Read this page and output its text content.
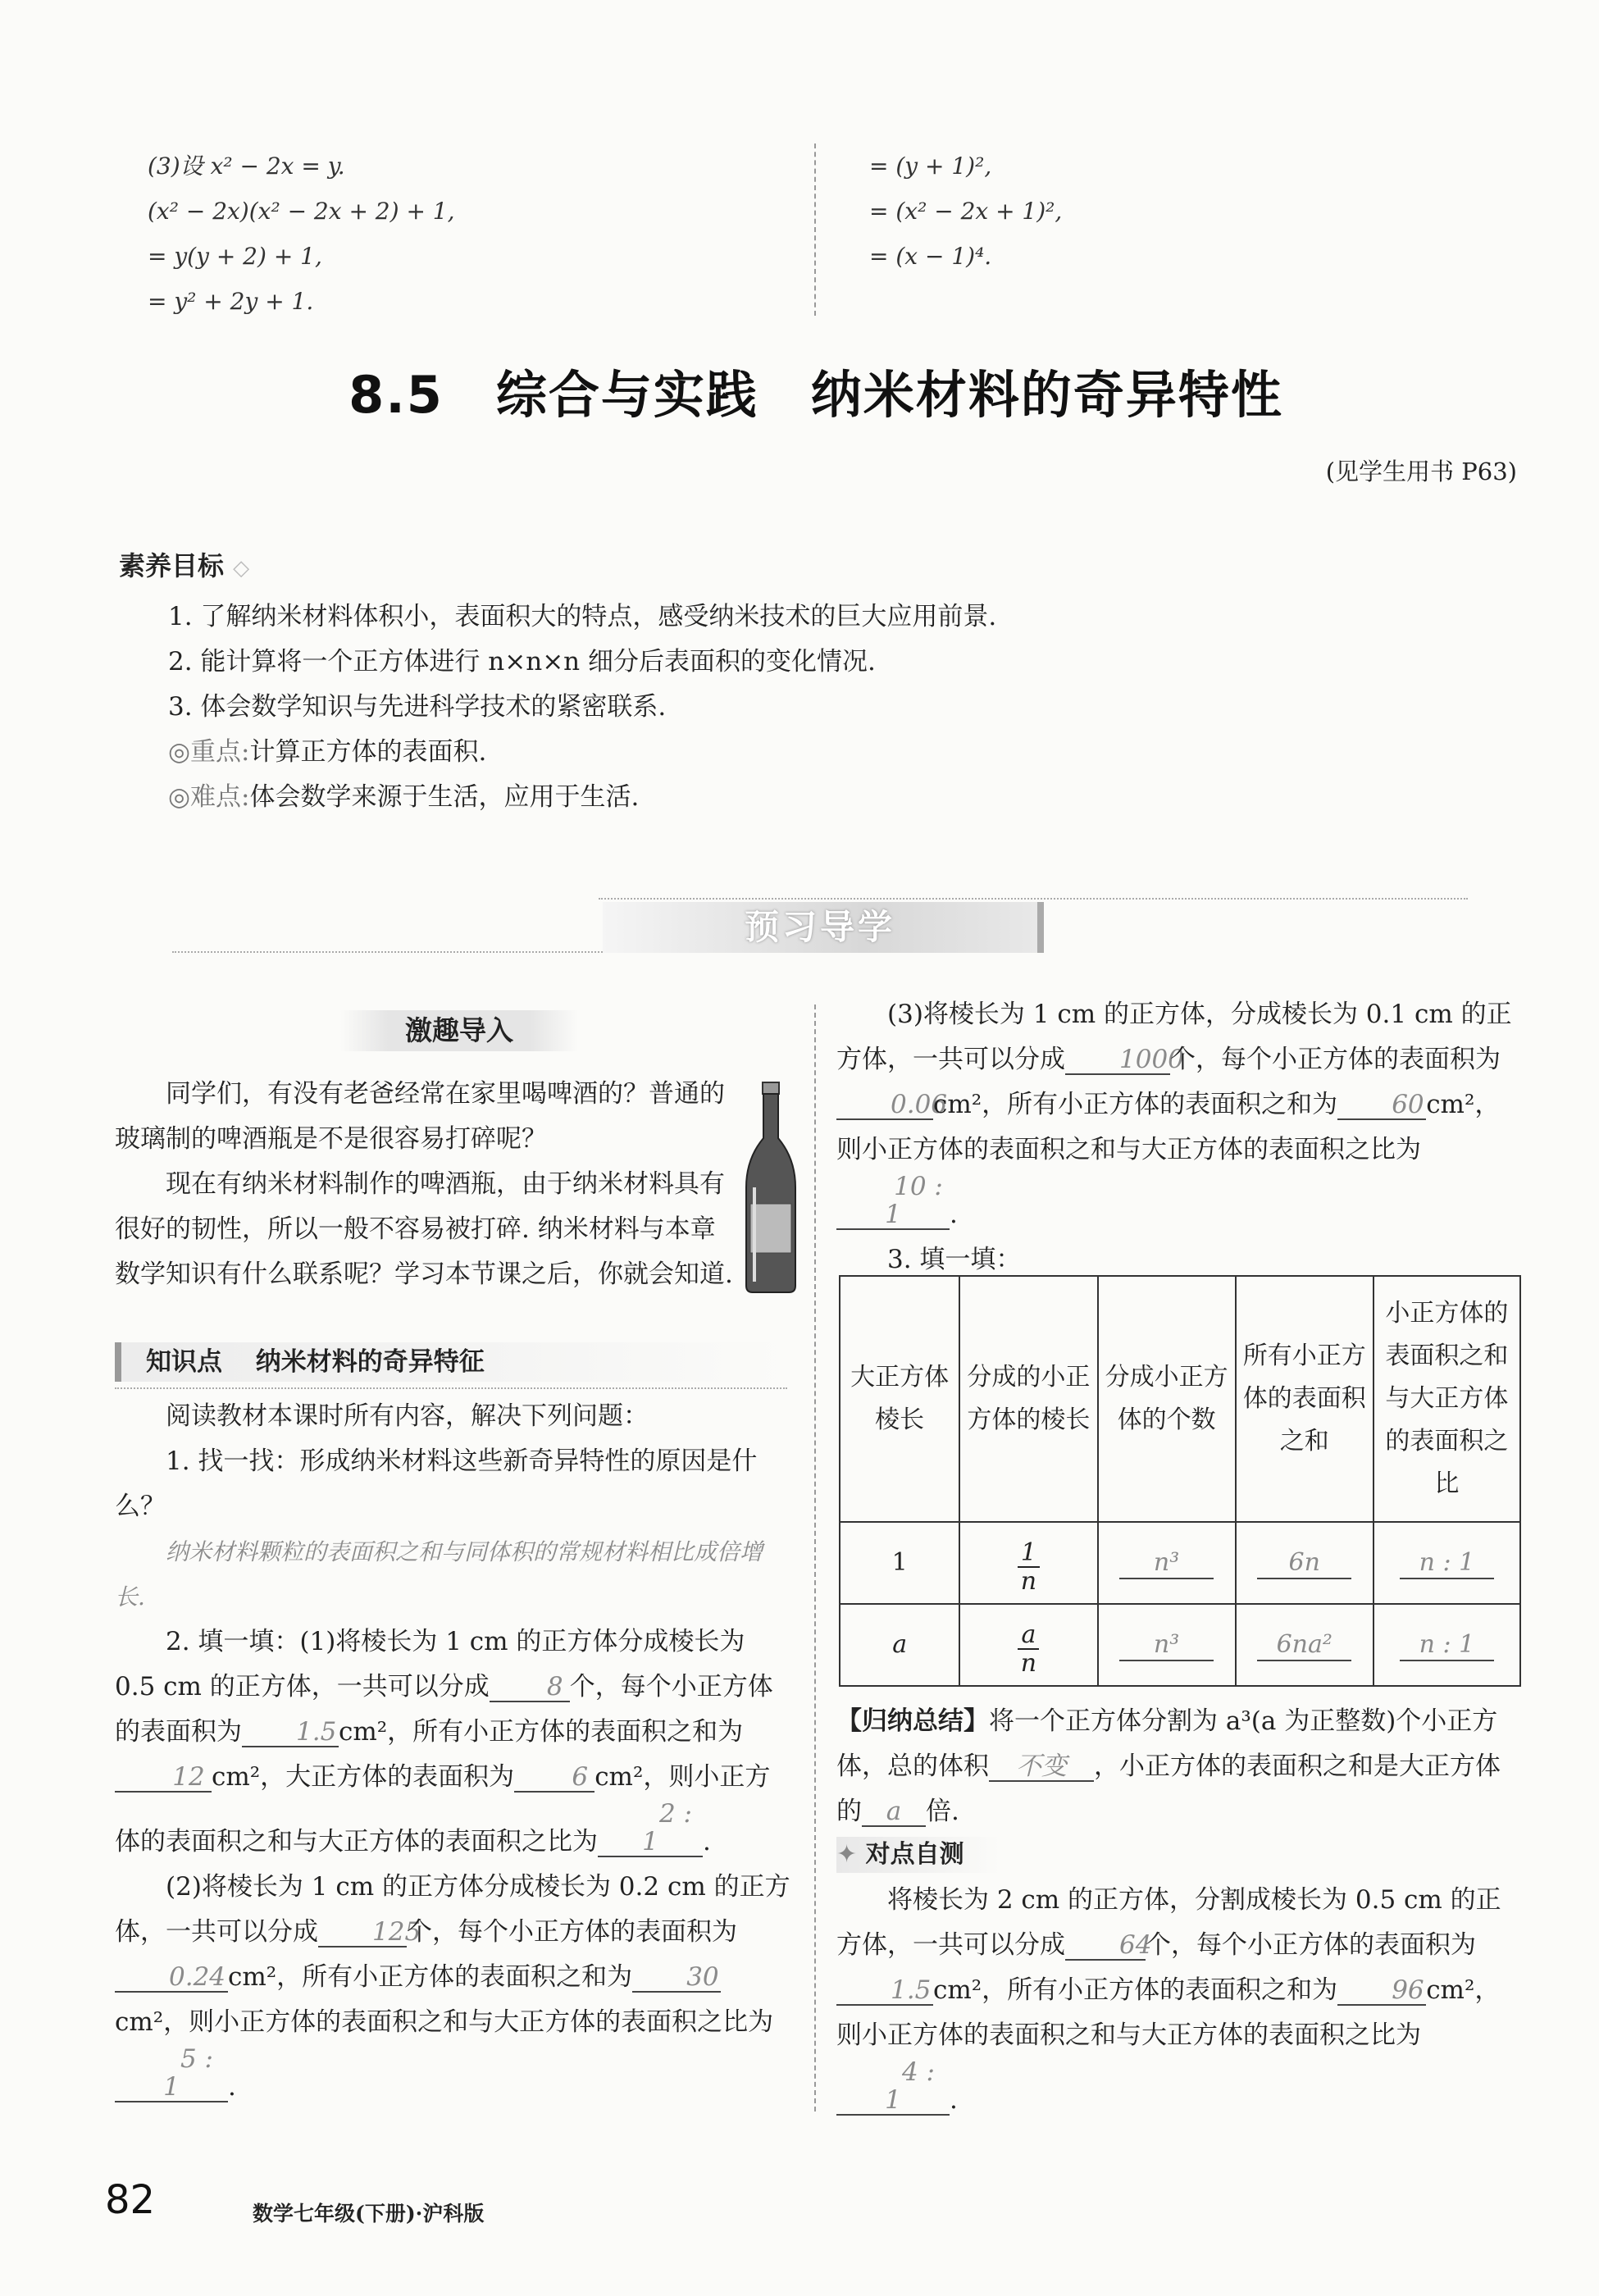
(3)设 x² − 2x = y.
(x² − 2x)(x² − 2x + 2) + 1,
= y(y + 2) + 1,
= y² + 2y + 1.
= (y + 1)²,
= (x² − 2x + 1)²,
= (x − 1)⁴.
8.5　综合与实践　纳米材料的奇异特性
(见学生用书 P63)
素养目标 ◇

1. 了解纳米材料体积小，表面积大的特点，感受纳米技术的巨大应用前景.

2. 能计算将一个正方体进行 n×n×n 细分后表面积的变化情况.

3. 体会数学知识与先进科学技术的紧密联系.

◎重点:计算正方体的表面积.

◎难点:体会数学来源于生活，应用于生活.

预习导学
激趣导入

同学们，有没有老爸经常在家里喝啤酒的？普通的玻璃制的啤酒瓶是不是很容易打碎呢？

现在有纳米材料制作的啤酒瓶，由于纳米材料具有很好的韧性，所以一般不容易被打碎. 纳米材料与本章数学知识有什么联系呢？学习本节课之后，你就会知道.

知识点 纳米材料的奇异特征

阅读教材本课时所有内容，解决下列问题：

1. 找一找：形成纳米材料这些新奇异特性的原因是什么？

纳米材料颗粒的表面积之和与同体积的常规材料相比成倍增长.

2. 填一填：(1)将棱长为 1 cm 的正方体分成棱长为 0.5 cm 的正方体，一共可以分成 8 个，每个小正方体的表面积为 1.5cm²，所有小正方体的表面积之和为12 cm²，大正方体的表面积为 6 cm²，则小正方体的表面积之和与大正方体的表面积之比为2 : 1 .

(2)将棱长为 1 cm 的正方体分成棱长为 0.2 cm 的正方体，一共可以分成 125个，每个小正方体的表面积为0.24cm²，所有小正方体的表面积之和为 30cm²，则小正方体的表面积之和与大正方体的表面积之比为5 : 1 .

(3)将棱长为 1 cm 的正方体，分成棱长为 0.1 cm 的正方体，一共可以分成 1000个，每个小正方体的表面积为0.06cm²，所有小正方体的表面积之和为 60cm²，则小正方体的表面积之和与大正方体的表面积之比为10 : 1 .

3. 填一填：

大正方体棱长	分成的小正方体的棱长	分成小正方体的个数	所有小正方体的表面积之和	小正方体的表面积之和与大正方体的表面积之比
1	$\frac{1}{n}$	n³	6n	n : 1
a	$\frac{a}{n}$	n³	6na²	n : 1

【归纳总结】将一个正方体分割为 a³(a 为正整数)个小正方体，总的体积 不变 ，小正方体的表面积之和是大正方体的 a 倍.

✦ 对点自测

将棱长为 2 cm 的正方体，分割成棱长为 0.5 cm 的正方体，一共可以分成 64个，每个小正方体的表面积为1.5cm²，所有小正方体的表面积之和为 96cm²，则小正方体的表面积之和与大正方体的表面积之比为4 : 1 .

82	数学七年级(下册)·沪科版
